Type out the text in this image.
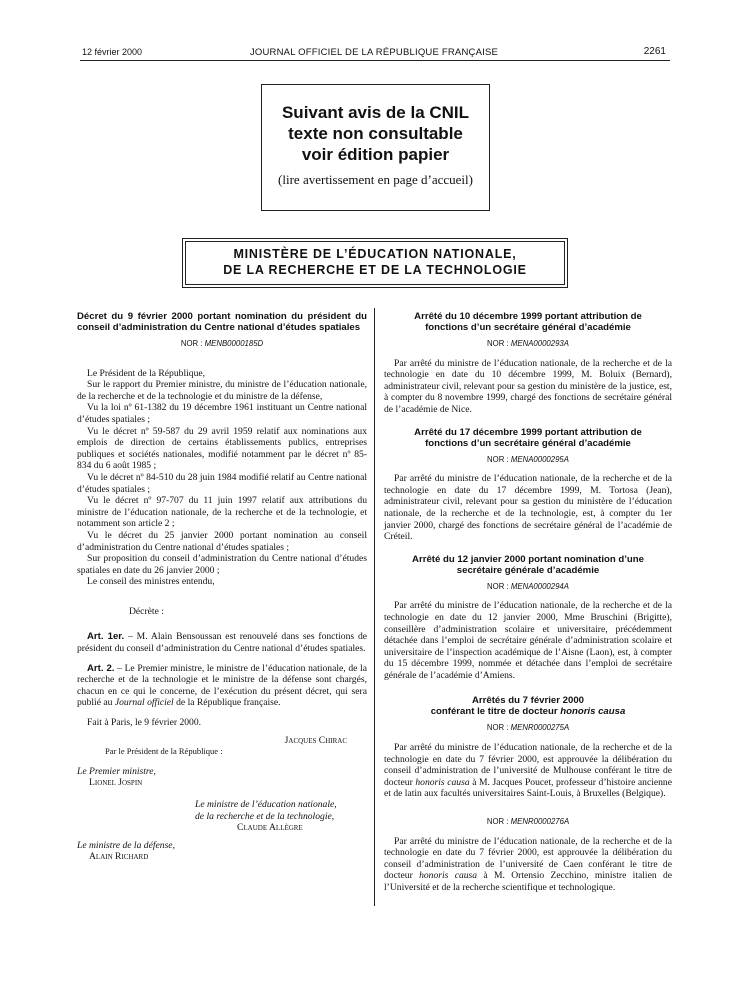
12 février 2000	JOURNAL OFFICIEL DE LA RÉPUBLIQUE FRANÇAISE	2261
Suivant avis de la CNIL
texte non consultable
voir édition papier
(lire avertissement en page d’accueil)
MINISTÈRE DE L’ÉDUCATION NATIONALE,
DE LA RECHERCHE ET DE LA TECHNOLOGIE
Décret du 9 février 2000 portant nomination du président du conseil d’administration du Centre national d’études spatiales
NOR : MENB0000185D

Le Président de la République,

Sur le rapport du Premier ministre, du ministre de l’éducation nationale, de la recherche et de la technologie et du ministre de la défense,

Vu la loi nº 61-1382 du 19 décembre 1961 instituant un Centre national d’études spatiales ;

Vu le décret nº 59-587 du 29 avril 1959 relatif aux nominations aux emplois de direction de certains établissements publics, entreprises publiques et sociétés nationales, modifié notamment par le décret nº 85-834 du 6 août 1985 ;

Vu le décret nº 84-510 du 28 juin 1984 modifié relatif au Centre national d’études spatiales ;

Vu le décret nº 97-707 du 11 juin 1997 relatif aux attributions du ministre de l’éducation nationale, de la recherche et de la technologie, et notamment son article 2 ;

Vu le décret du 25 janvier 2000 portant nomination au conseil d’administration du Centre national d’études spatiales ;

Sur proposition du conseil d’administration du Centre national d’études spatiales en date du 26 janvier 2000 ;

Le conseil des ministres entendu,

Décrète :

Art. 1er. – M. Alain Bensoussan est renouvelé dans ses fonctions de président du conseil d’administration du Centre national d’études spatiales.

Art. 2. – Le Premier ministre, le ministre de l’éducation nationale, de la recherche et de la technologie et le ministre de la défense sont chargés, chacun en ce qui le concerne, de l’exécution du présent décret, qui sera publié au Journal officiel de la République française.

Fait à Paris, le 9 février 2000.

Jacques Chirac
Par le Président de la République :
Le Premier ministre,
Lionel Jospin
Le ministre de l’éducation nationale,
de la recherche et de la technologie,
Claude Allègre
Le ministre de la défense,
Alain Richard
Arrêté du 10 décembre 1999 portant attribution de fonctions d’un secrétaire général d’académie
NOR : MENA0000293A

Par arrêté du ministre de l’éducation nationale, de la recherche et de la technologie en date du 10 décembre 1999, M. Boluix (Bernard), administrateur civil, relevant pour sa gestion du ministère de la justice, est, à compter du 8 novembre 1999, chargé des fonctions de secrétaire général de l’académie de Nice.

Arrêté du 17 décembre 1999 portant attribution de fonctions d’un secrétaire général d’académie
NOR : MENA0000295A

Par arrêté du ministre de l’éducation nationale, de la recherche et de la technologie en date du 17 décembre 1999, M. Tortosa (Jean), administrateur civil, relevant pour sa gestion du ministère de l’éducation nationale, de la recherche et de la technologie, est, à compter du 1er janvier 2000, chargé des fonctions de secrétaire général de l’académie de Créteil.

Arrêté du 12 janvier 2000 portant nomination d’une secrétaire générale d’académie
NOR : MENA0000294A

Par arrêté du ministre de l’éducation nationale, de la recherche et de la technologie en date du 12 janvier 2000, Mme Bruschini (Brigitte), conseillère d’administration scolaire et universitaire, précédemment détachée dans l’emploi de secrétaire générale d’administration scolaire et universitaire de l’inspection académique de l’Aisne (Laon), est, à compter du 15 décembre 1999, nommée et détachée dans l’emploi de secrétaire générale de l’académie d’Amiens.

Arrêtés du 7 février 2000
conférant le titre de docteur honoris causa
NOR : MENR0000275A

Par arrêté du ministre de l’éducation nationale, de la recherche et de la technologie en date du 7 février 2000, est approuvée la délibération du conseil d’administration de l’université de Mulhouse conférant le titre de docteur honoris causa à M. Jacques Poucet, professeur d’histoire ancienne et de latin aux facultés universitaires Saint-Louis, à Bruxelles (Belgique).

NOR : MENR0000276A

Par arrêté du ministre de l’éducation nationale, de la recherche et de la technologie en date du 7 février 2000, est approuvée la délibération du conseil d’administration de l’université de Caen conférant le titre de docteur honoris causa à M. Ortensio Zecchino, ministre italien de l’Université et de la recherche scientifique et technologique.
